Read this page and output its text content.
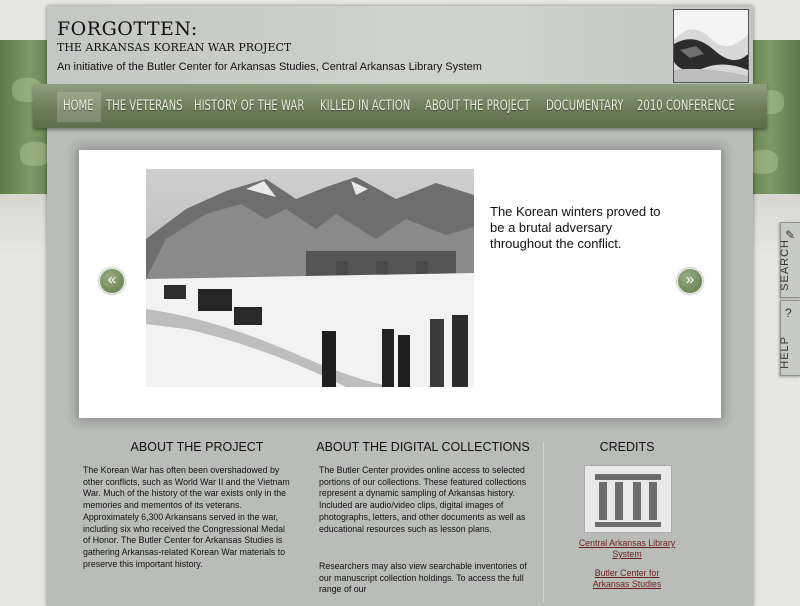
FORGOTTEN:
THE ARKANSAS KOREAN WAR PROJECT
An initiative of the Butler Center for Arkansas Studies, Central Arkansas Library System
HOME THE VETERANS HISTORY OF THE WAR KILLED IN ACTION ABOUT THE PROJECT DOCUMENTARY 2010 CONFERENCE
The Korean winters proved to be a brutal adversary throughout the conflict.
«	»
ABOUT THE PROJECT
The Korean War has often been overshadowed by other conflicts, such as World War II and the Vietnam War. Much of the history of the war exists only in the memories and mementos of its veterans. Approximately 6,300 Arkansans served in the war, including six who received the Congressional Medal of Honor. The Butler Center for Arkansas Studies is gathering Arkansas-related Korean War materials to preserve this important history.
ABOUT THE DIGITAL COLLECTIONS
The Butler Center provides online access to selected portions of our collections. These featured collections represent a dynamic sampling of Arkansas history. Included are audio/video clips, digital images of photographs, letters, and other documents as well as educational resources such as lesson plans.
Researchers may also view searchable inventories of our manuscript collection holdings. To access the full range of our
CREDITS
Central Arkansas Library System
Butler Center for Arkansas Studies
✎
SEARCH
?
HELP
